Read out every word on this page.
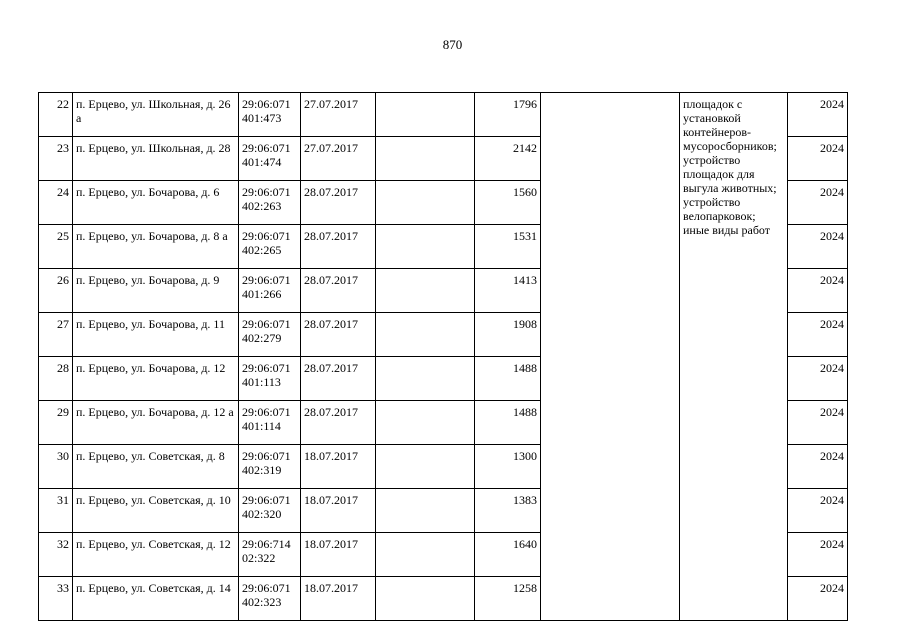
870
22	п. Ерцево, ул. Школьная, д. 26 а	29:06:071 401:473	27.07.2017		1796		площадок с установкой контейнеров-мусоросборников; устройство площадок для выгула животных; устройство велопарковок; иные виды работ	2024
23	п. Ерцево, ул. Школьная, д. 28	29:06:071 401:474	27.07.2017		2142			2024
24	п. Ерцево, ул. Бочарова, д. 6	29:06:071 402:263	28.07.2017		1560			2024
25	п. Ерцево, ул. Бочарова, д. 8 а	29:06:071 402:265	28.07.2017		1531			2024
26	п. Ерцево, ул. Бочарова, д. 9	29:06:071 401:266	28.07.2017		1413			2024
27	п. Ерцево, ул. Бочарова, д. 11	29:06:071 402:279	28.07.2017		1908			2024
28	п. Ерцево, ул. Бочарова, д. 12	29:06:071 401:113	28.07.2017		1488			2024
29	п. Ерцево, ул. Бочарова, д. 12 а	29:06:071 401:114	28.07.2017		1488			2024
30	п. Ерцево, ул. Советская, д. 8	29:06:071 402:319	18.07.2017		1300			2024
31	п. Ерцево, ул. Советская, д. 10	29:06:071 402:320	18.07.2017		1383			2024
32	п. Ерцево, ул. Советская, д. 12	29:06:714 02:322	18.07.2017		1640			2024
33	п. Ерцево, ул. Советская, д. 14	29:06:071 402:323	18.07.2017		1258			2024
